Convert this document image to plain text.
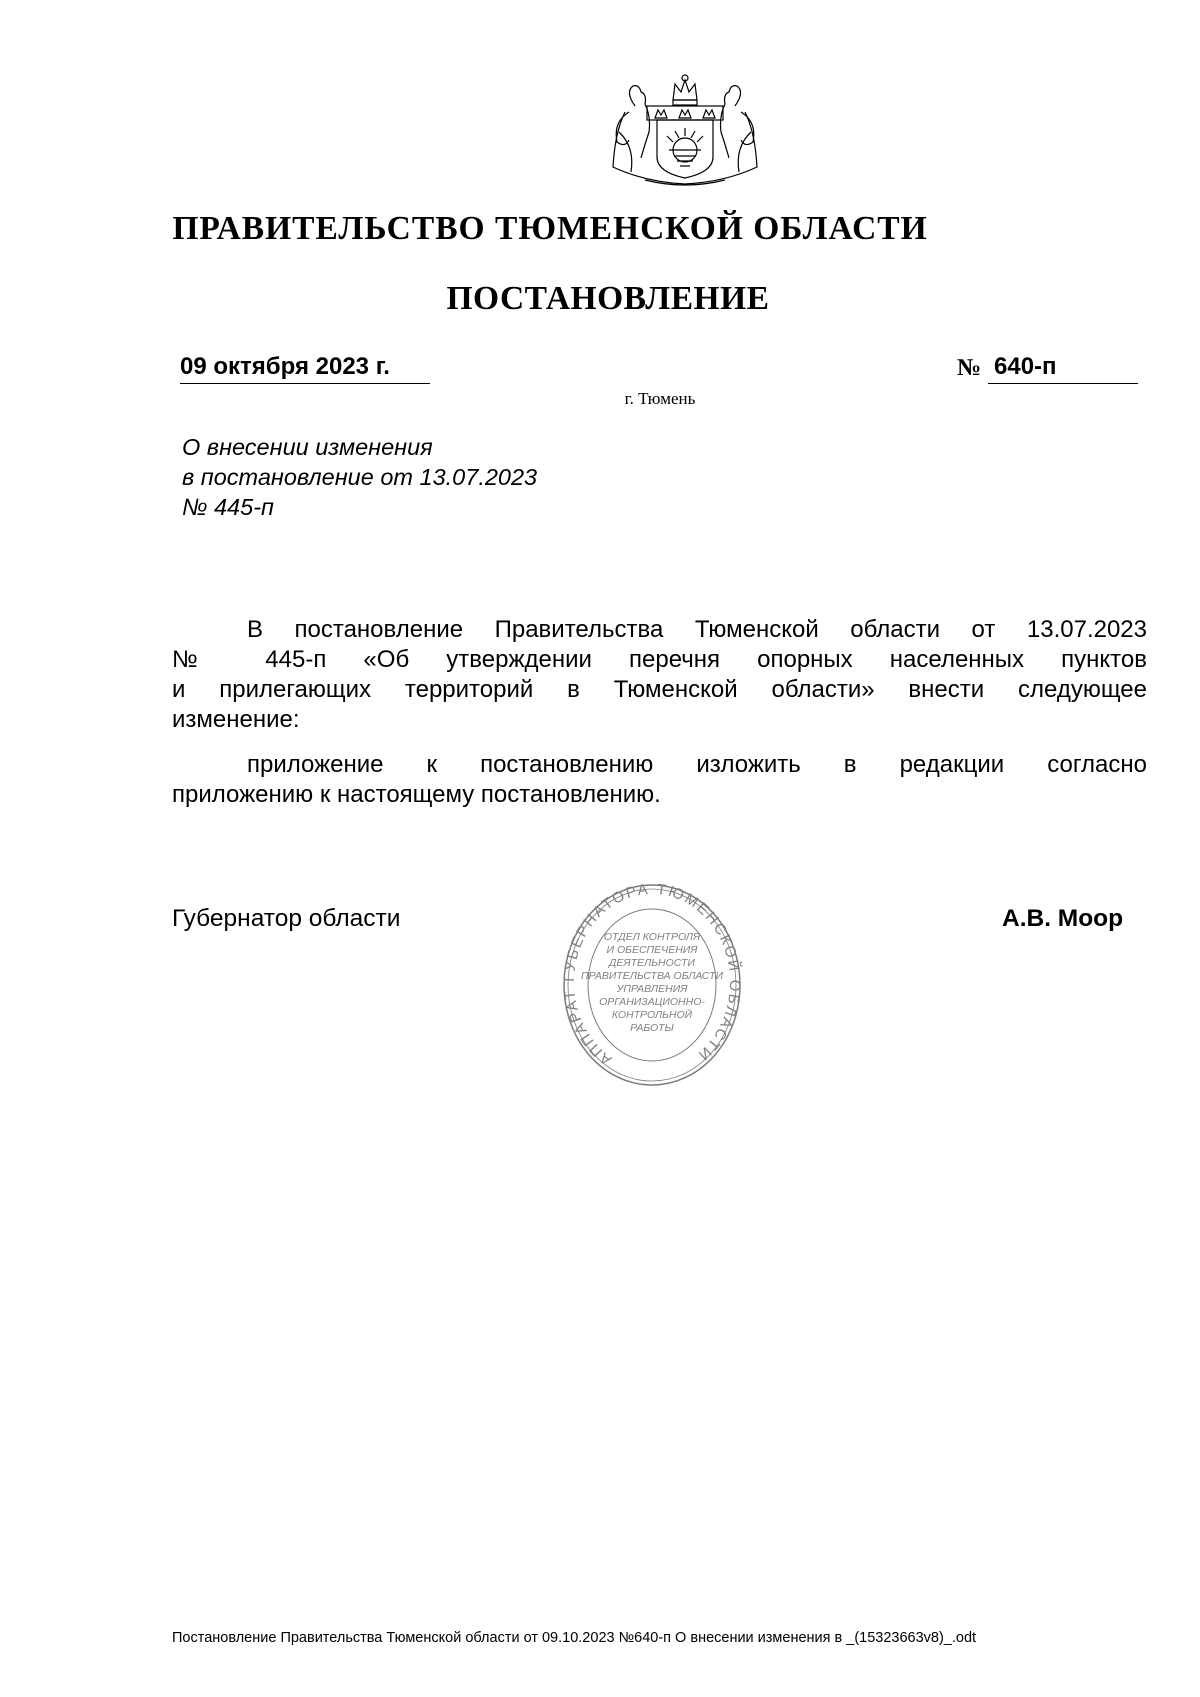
ПРАВИТЕЛЬСТВО ТЮМЕНСКОЙ ОБЛАСТИ
ПОСТАНОВЛЕНИЕ
09 октября 2023 г.	№ 640-п
г. Тюмень
О внесении изменения
в постановление от 13.07.2023
№ 445-п
В постановление Правительства Тюменской области от 13.07.2023
№ 445-п «Об утверждении перечня опорных населенных пунктов
и прилегающих территорий в Тюменской области» внести следующее
изменение:
приложение к постановлению изложить в редакции согласно
приложению к настоящему постановлению.
Губернатор области	А.В. Моор
АППАРАТ ГУБЕРНАТОРА ТЮМЕНСКОЙ ОБЛАСТИ
ОТДЕЛ КОНТРОЛЯ
И ОБЕСПЕЧЕНИЯ
ДЕЯТЕЛЬНОСТИ
ПРАВИТЕЛЬСТВА ОБЛАСТИ
УПРАВЛЕНИЯ
ОРГАНИЗАЦИОННО-
КОНТРОЛЬНОЙ
РАБОТЫ
Постановление Правительства Тюменской области от 09.10.2023 №640-п О внесении изменения в _(15323663v8)_.odt
